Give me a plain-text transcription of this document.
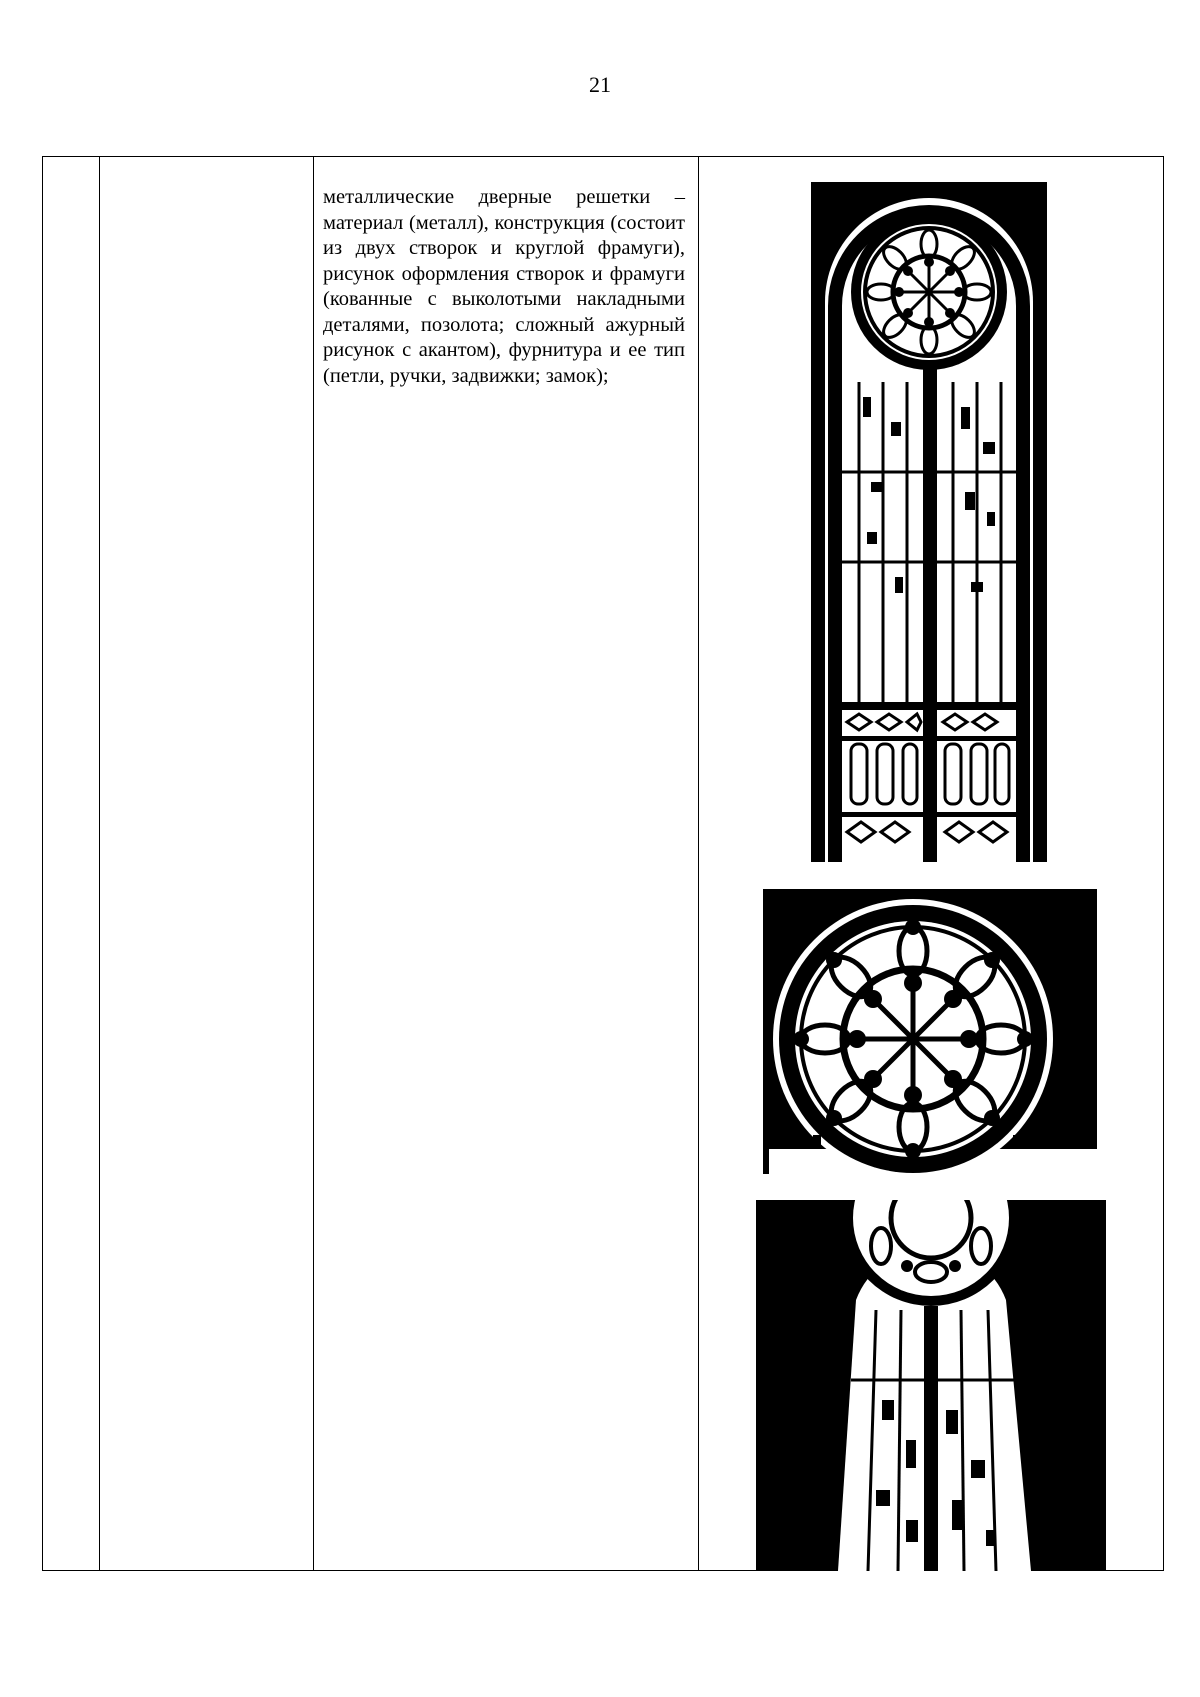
21
металлические дверные решетки – материал (металл), конструкция (состоит из двух створок и круглой фрамуги), рисунок оформления створок и фрамуги (кованные с выколотыми накладными деталями, позолота; сложный ажурный рисунок с акантом), фурнитура и ее тип (петли, ручки, задвижки; замок);
